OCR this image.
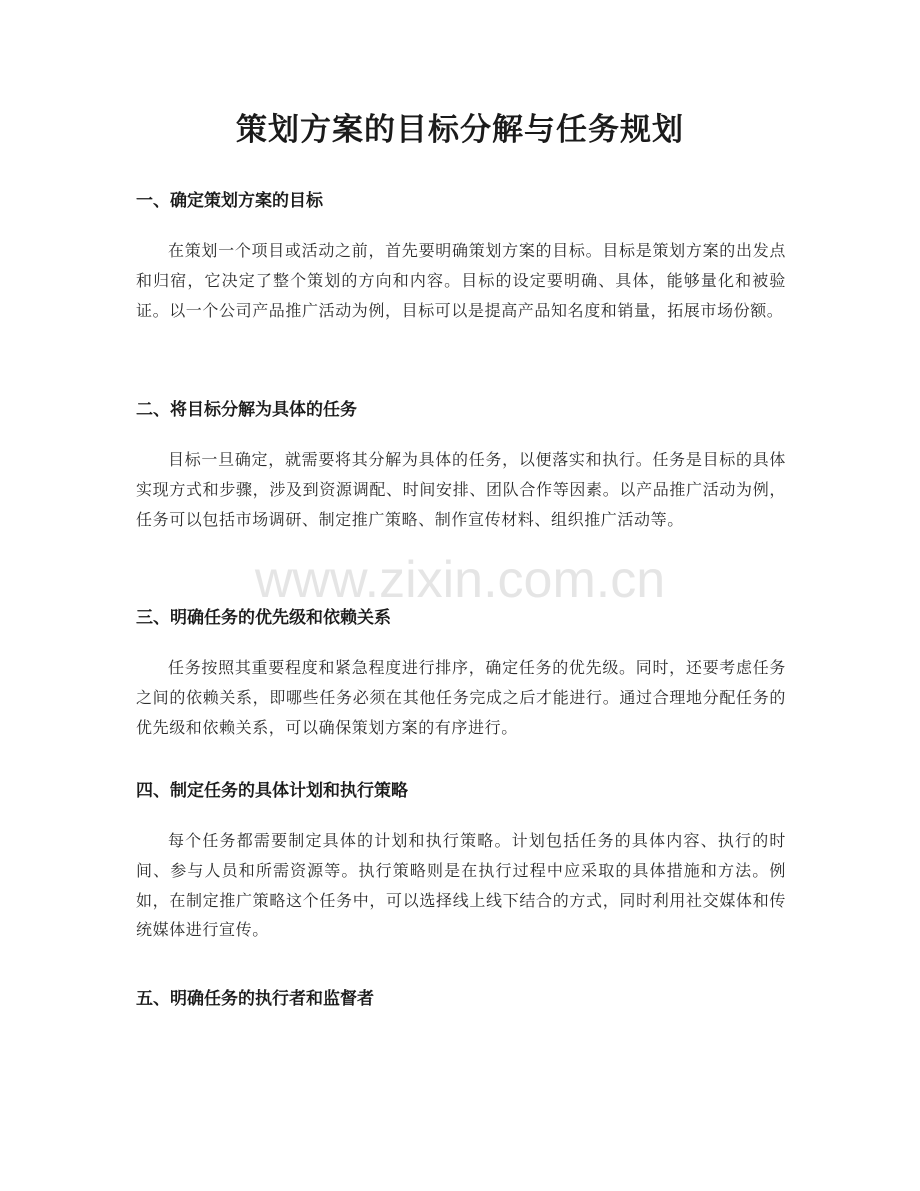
策划方案的目标分解与任务规划
一、确定策划方案的目标

在策划一个项目或活动之前，首先要明确策划方案的目标。目标是策划方案的出发点和归宿，它决定了整个策划的方向和内容。目标的设定要明确、具体，能够量化和被验证。以一个公司产品推广活动为例，目标可以是提高产品知名度和销量，拓展市场份额。

二、将目标分解为具体的任务

目标一旦确定，就需要将其分解为具体的任务，以便落实和执行。任务是目标的具体实现方式和步骤，涉及到资源调配、时间安排、团队合作等因素。以产品推广活动为例，任务可以包括市场调研、制定推广策略、制作宣传材料、组织推广活动等。

三、明确任务的优先级和依赖关系

任务按照其重要程度和紧急程度进行排序，确定任务的优先级。同时，还要考虑任务之间的依赖关系，即哪些任务必须在其他任务完成之后才能进行。通过合理地分配任务的优先级和依赖关系，可以确保策划方案的有序进行。

四、制定任务的具体计划和执行策略

每个任务都需要制定具体的计划和执行策略。计划包括任务的具体内容、执行的时间、参与人员和所需资源等。执行策略则是在执行过程中应采取的具体措施和方法。例如，在制定推广策略这个任务中，可以选择线上线下结合的方式，同时利用社交媒体和传统媒体进行宣传。

五、明确任务的执行者和监督者
www.zixin.com.cn
